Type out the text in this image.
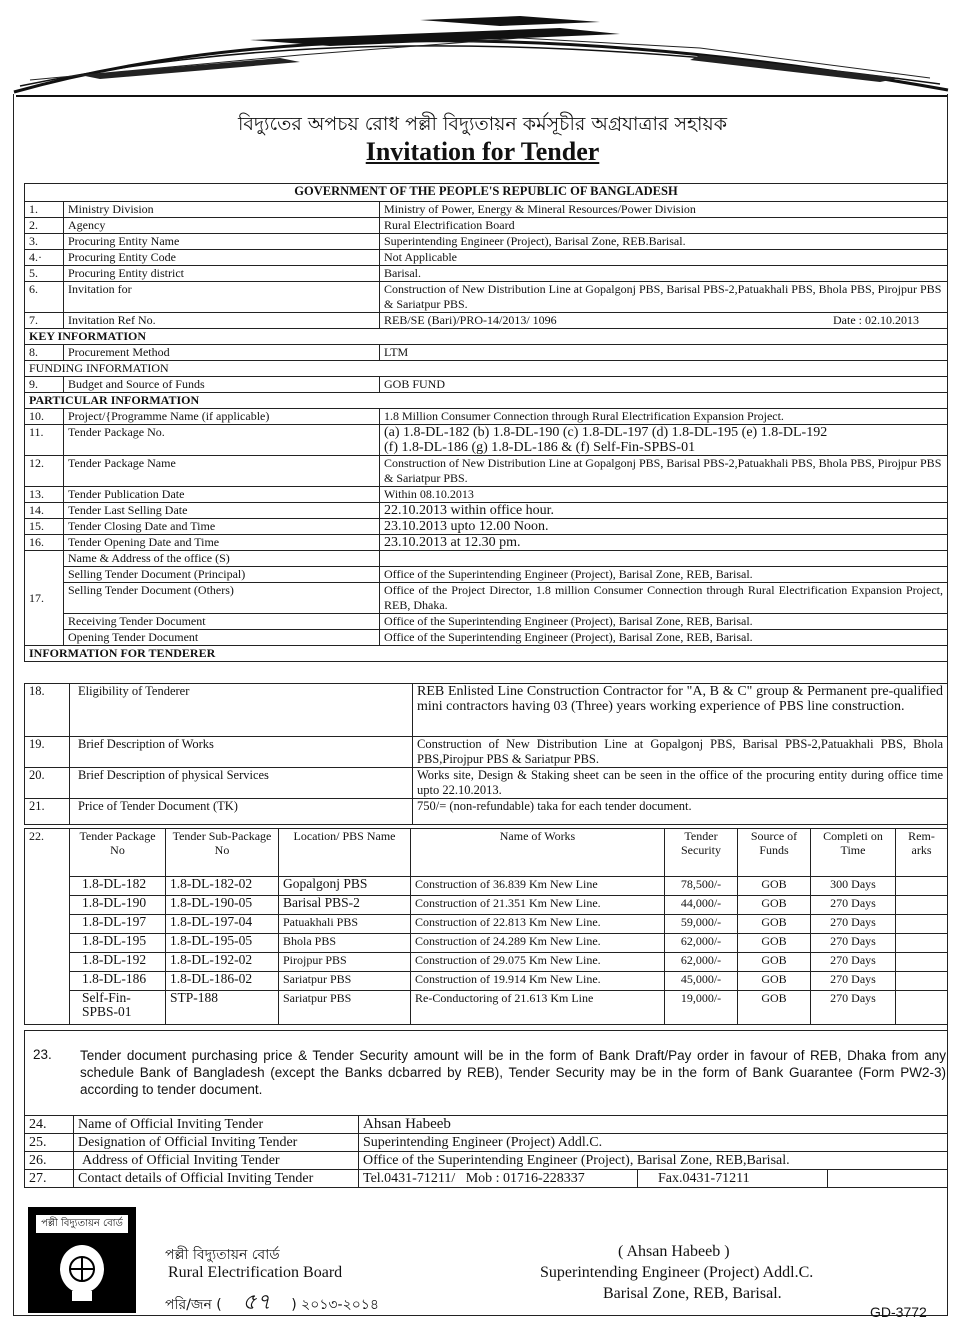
বিদ্যুতের অপচয় রোধ পল্লী বিদ্যুতায়ন কর্মসূচীর অগ্রযাত্রার সহায়ক
Invitation for Tender
GOVERNMENT OF THE PEOPLE'S REPUBLIC OF BANGLADESH		
1.	Ministry Division	Ministry of Power, Energy & Mineral Resources/Power Division
2.	Agency	Rural Electrification Board
3.	Procuring Entity Name	Superintending Engineer (Project), Barisal Zone, REB.Barisal.
4.·	Procuring Entity Code	Not Applicable
5.	Procuring Entity district	Barisal.
6.	Invitation for	Construction of New Distribution Line at Gopalgonj PBS, Barisal PBS-2,Patuakhali PBS, Bhola PBS, Pirojpur PBS & Sariatpur PBS.
7.	Invitation Ref No.	REB/SE (Bari)/PRO-14/2013/ 1096 Date : 02.10.2013

KEY INFORMATION		
8.	Procurement Method	LTM
FUNDING INFORMATION		
9.	Budget and Source of Funds	GOB FUND
PARTICULAR INFORMATION		
10.	Project/{Programme Name (if applicable)	1.8 Million Consumer Connection through Rural Electrification Expansion Project.
11.	Tender Package No.	(a) 1.8-DL-182 (b) 1.8-DL-190 (c) 1.8-DL-197 (d) 1.8-DL-195 (e) 1.8-DL-192
(f) 1.8-DL-186 (g) 1.8-DL-186 & (f) Self-Fin-SPBS-01

12.	Tender Package Name	Construction of New Distribution Line at Gopalgonj PBS, Barisal PBS-2,Patuakhali PBS, Bhola PBS, Pirojpur PBS & Sariatpur PBS.
13.	Tender Publication Date	Within 08.10.2013
14.	Tender Last Selling Date	22.10.2013 within office hour.
15.	Tender Closing Date and Time	23.10.2013 upto 12.00 Noon.
16.	Tender Opening Date and Time	23.10.2013 at 12.30 pm.
17.	Name & Address of the office (S)	
	Selling Tender Document (Principal)	Office of the Superintending Engineer (Project), Barisal Zone, REB, Barisal.
	Selling Tender Document (Others)	Office of the Project Director, 1.8 million Consumer Connection through Rural Electrification Expansion Project, REB, Dhaka.
	Receiving Tender Document	Office of the Superintending Engineer (Project), Barisal Zone, REB, Barisal.
	Opening Tender Document	Office of the Superintending Engineer (Project), Barisal Zone, REB, Barisal.
INFORMATION FOR TENDERER		
18.	Eligibility of Tenderer	REB Enlisted Line Construction Contractor for "A, B & C" group & Permanent pre-qualified mini contractors having 03 (Three) years working experience of PBS line construction.
19.	Brief Description of Works	Construction of New Distribution Line at Gopalgonj PBS, Barisal PBS-2,Patuakhali PBS, Bhola PBS,Pirojpur PBS & Sariatpur PBS.
20.	Brief Description of physical Services	Works site, Design & Staking sheet can be seen in the office of the procuring entity during office time upto 22.10.2013.
21.	Price of Tender Document (TK)	750/= (non-refundable) taka for each tender document.
22.	Tender Package No	Tender Sub-Package No	Location/ PBS Name	Name of Works	Tender Security	Source of Funds	Completi on Time	Rem-arks
	1.8-DL-182	1.8-DL-182-02	Gopalgonj PBS	Construction of 36.839 Km New Line	78,500/-	GOB	300 Days	
	1.8-DL-190	1.8-DL-190-05	Barisal PBS-2	Construction of 21.351 Km New Line.	44,000/-	GOB	270 Days	
	1.8-DL-197	1.8-DL-197-04	Patuakhali PBS	Construction of 22.813 Km New Line.	59,000/-	GOB	270 Days	
	1.8-DL-195	1.8-DL-195-05	Bhola PBS	Construction of 24.289 Km New Line.	62,000/-	GOB	270 Days	
	1.8-DL-192	1.8-DL-192-02	Pirojpur PBS	Construction of 29.075 Km New Line.	62,000/-	GOB	270 Days	
	1.8-DL-186	1.8-DL-186-02	Sariatpur PBS	Construction of 19.914 Km New Line.	45,000/-	GOB	270 Days	
	Self-Fin-SPBS-01	STP-188	Sariatpur PBS	Re-Conductoring of 21.613 Km Line	19,000/-	GOB	270 Days	
23. Tender document purchasing price & Tender Security amount will be in the form of Bank Draft/Pay order in favour of REB, Dhaka from any schedule Bank of Bangladesh (except the Banks dcbarred by REB), Tender Security may be in the form of Bank Guarantee (Form PW2-3) according to tender document.
24.	Name of Official Inviting Tender	Ahsan Habeeb		
25.	Designation of Official Inviting Tender	Superintending Engineer (Project) Addl.C.		
26.	Address of Official Inviting Tender	Office of the Superintending Engineer (Project), Barisal Zone, REB,Barisal.		
27.	Contact details of Official Inviting Tender	Tel.0431-71211/ Mob : 01716-228337	Fax.0431-71211	
পল্লী বিদ্যুতায়ন বোর্ড
পল্লী বিদ্যুতায়ন বোর্ড
Rural Electrification Board
পরি/জন ( ৫৭ ) ২০১৩-২০১৪
( Ahsan Habeeb )
Superintending Engineer (Project) Addl.C.
Barisal Zone, REB, Barisal.
GD-3772
